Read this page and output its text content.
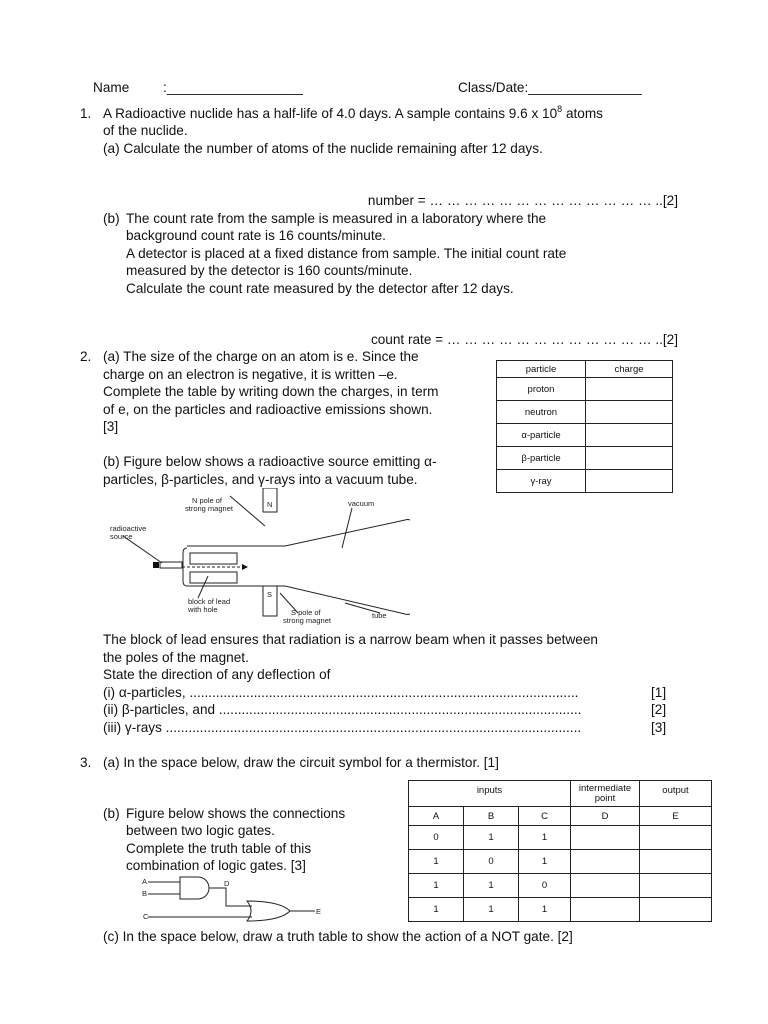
Name :__________________	Class/Date:_______________
1. A Radioactive nuclide has a half-life of 4.0 days. A sample contains 9.6 x $10^8$ atoms
of the nuclide.
(a) Calculate the number of atoms of the nuclide remaining after 12 days.
number = … … … … … … … … … … … … … ..[2]
(b) The count rate from the sample is measured in a laboratory where the
background count rate is 16 counts/minute.
A detector is placed at a fixed distance from sample. The initial count rate
measured by the detector is 160 counts/minute.
Calculate the count rate measured by the detector after 12 days.
count rate = … … … … … … … … … … … … ..[2]
2. (a) The size of the charge on an atom is e. Since the
charge on an electron is negative, it is written –e.
Complete the table by writing down the charges, in term
of e, on the particles and radioactive emissions shown.
[3]
(b) Figure below shows a radioactive source emitting α-
particles, β-particles, and γ-rays into a vacuum tube.
particle	charge
proton	
neutron	
α-particle	
β-particle	
γ-ray	
N pole of
strong magnet
vacuum
radioactive
source
N
S
block of lead
with hole	S pole of
strong magnet
tube
The block of lead ensures that radiation is a narrow beam when it passes between
the poles of the magnet.
State the direction of any deflection of
(i) α-particles, .......................................................................................................	[1]
(ii) β-particles, and ................................................................................................	[2]
(iii) γ-rays ..............................................................................................................	[3]
3. (a) In the space below, draw the circuit symbol for a thermistor. [1]
(b) Figure below shows the connections
between two logic gates.
Complete the truth table of this
combination of logic gates. [3]
A
B
C
D
E
inputs			intermediate point	output
A	B	C	D	E
0	1	1		
1	0	1		
1	1	0		
1	1	1		
(c) In the space below, draw a truth table to show the action of a NOT gate. [2]
